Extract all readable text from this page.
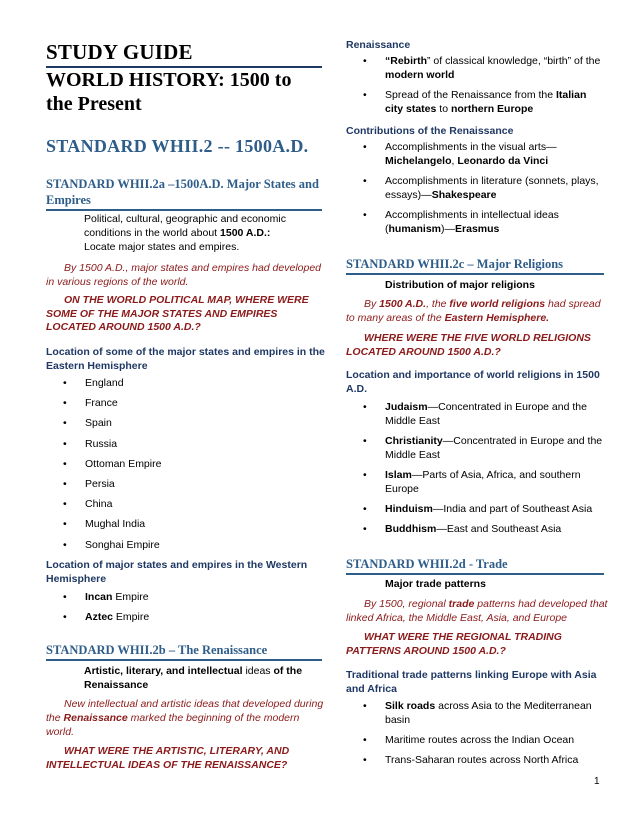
STUDY GUIDE
WORLD HISTORY: 1500 to the Present
STANDARD WHII.2 -- 1500A.D.
STANDARD WHII.2a –1500A.D. Major States and Empires
Political, cultural, geographic and economic conditions in the world about 1500 A.D.:
Locate major states and empires.
By 1500 A.D., major states and empires had developed in various regions of the world.
ON THE WORLD POLITICAL MAP, WHERE WERE SOME OF THE MAJOR STATES AND EMPIRES LOCATED AROUND 1500 A.D.?
Location of some of the major states and empires in the Eastern Hemisphere
• England
• France
• Spain
• Russia
• Ottoman Empire
• Persia
• China
• Mughal India
• Songhai Empire
Location of major states and empires in the Western Hemisphere
• Incan Empire
• Aztec Empire
STANDARD WHII.2b – The Renaissance
Artistic, literary, and intellectual ideas of the Renaissance
New intellectual and artistic ideas that developed during the Renaissance marked the beginning of the modern world.
WHAT WERE THE ARTISTIC, LITERARY, AND INTELLECTUAL IDEAS OF THE RENAISSANCE?
Renaissance
• “Rebirth” of classical knowledge, “birth” of the modern world
• Spread of the Renaissance from the Italian city states to northern Europe
Contributions of the Renaissance
• Accomplishments in the visual arts—Michelangelo, Leonardo da Vinci
• Accomplishments in literature (sonnets, plays, essays)—Shakespeare
• Accomplishments in intellectual ideas (humanism)—Erasmus
STANDARD WHII.2c – Major Religions
Distribution of major religions
By 1500 A.D., the five world religions had spread to many areas of the Eastern Hemisphere.
WHERE WERE THE FIVE WORLD RELIGIONS LOCATED AROUND 1500 A.D.?
Location and importance of world religions in 1500 A.D.
• Judaism—Concentrated in Europe and the Middle East
• Christianity—Concentrated in Europe and the Middle East
• Islam—Parts of Asia, Africa, and southern Europe
• Hinduism—India and part of Southeast Asia
• Buddhism—East and Southeast Asia
STANDARD WHII.2d - Trade
Major trade patterns
By 1500, regional trade patterns had developed that linked Africa, the Middle East, Asia, and Europe
WHAT WERE THE REGIONAL TRADING PATTERNS AROUND 1500 A.D.?
Traditional trade patterns linking Europe with Asia and Africa
• Silk roads across Asia to the Mediterranean basin
• Maritime routes across the Indian Ocean
• Trans-Saharan routes across North Africa
1
